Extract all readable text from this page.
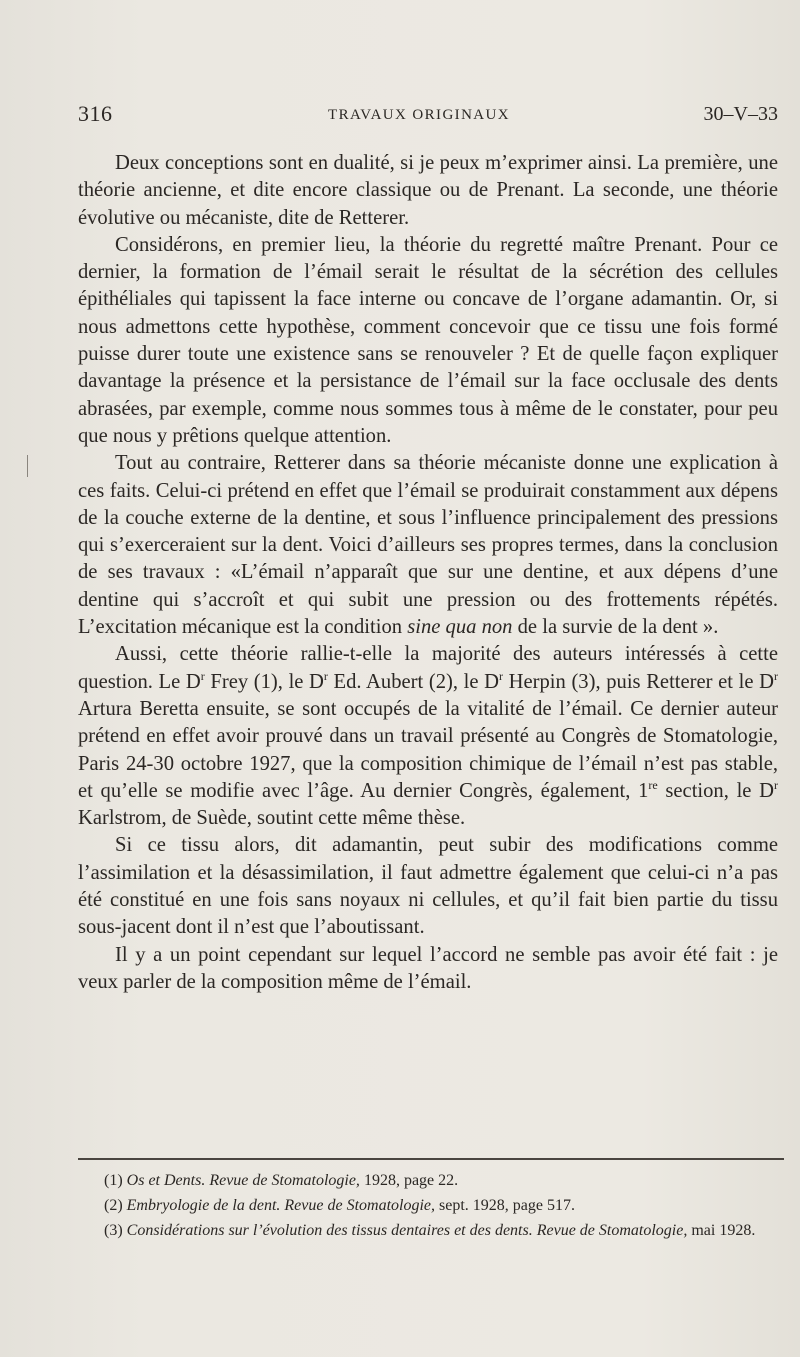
316	TRAVAUX ORIGINAUX	30–V–33

Deux conceptions sont en dualité, si je peux m’exprimer ainsi. La première, une théorie ancienne, et dite encore classique ou de Prenant. La seconde, une théorie évolutive ou mécaniste, dite de Retterer.

Considérons, en premier lieu, la théorie du regretté maître Prenant. Pour ce dernier, la formation de l’émail serait le résultat de la sécrétion des cellules épithéliales qui tapissent la face interne ou concave de l’organe adamantin. Or, si nous admettons cette hypothèse, comment concevoir que ce tissu une fois formé puisse durer toute une existence sans se renouveler ? Et de quelle façon expliquer davantage la présence et la persistance de l’émail sur la face occlusale des dents abrasées, par exemple, comme nous sommes tous à même de le constater, pour peu que nous y prêtions quelque attention.

Tout au contraire, Retterer dans sa théorie mécaniste donne une explication à ces faits. Celui-ci prétend en effet que l’émail se produirait constamment aux dépens de la couche externe de la dentine, et sous l’influence principalement des pressions qui s’exerceraient sur la dent. Voici d’ailleurs ses propres termes, dans la conclusion de ses travaux : «L’émail n’apparaît que sur une dentine, et aux dépens d’une dentine qui s’accroît et qui subit une pression ou des frottements répétés. L’excitation mécanique est la condition sine qua non de la survie de la dent ».

Aussi, cette théorie rallie-t-elle la majorité des auteurs intéressés à cette question. Le $D^r$ Frey (1), le $D^r$ Ed. Aubert (2), le $D^r$ Herpin (3), puis Retterer et le $D^r$ Artura Beretta ensuite, se sont occupés de la vitalité de l’émail. Ce dernier auteur prétend en effet avoir prouvé dans un travail présenté au Congrès de Stomatologie, Paris 24-30 octobre 1927, que la composition chimique de l’émail n’est pas stable, et qu’elle se modifie avec l’âge. Au dernier Congrès, également, 1re section, le $D^r$ Karlstrom, de Suède, soutint cette même thèse.

Si ce tissu alors, dit adamantin, peut subir des modifications comme l’assimilation et la désassimilation, il faut admettre également que celui-ci n’a pas été constitué en une fois sans noyaux ni cellules, et qu’il fait bien partie du tissu sous-jacent dont il n’est que l’aboutissant.

Il y a un point cependant sur lequel l’accord ne semble pas avoir été fait : je veux parler de la composition même de l’émail.

(1) Os et Dents. Revue de Stomatologie, 1928, page 22.

(2) Embryologie de la dent. Revue de Stomatologie, sept. 1928, page 517.

(3) Considérations sur l’évolution des tissus dentaires et des dents. Revue de Stomatologie, mai 1928.
